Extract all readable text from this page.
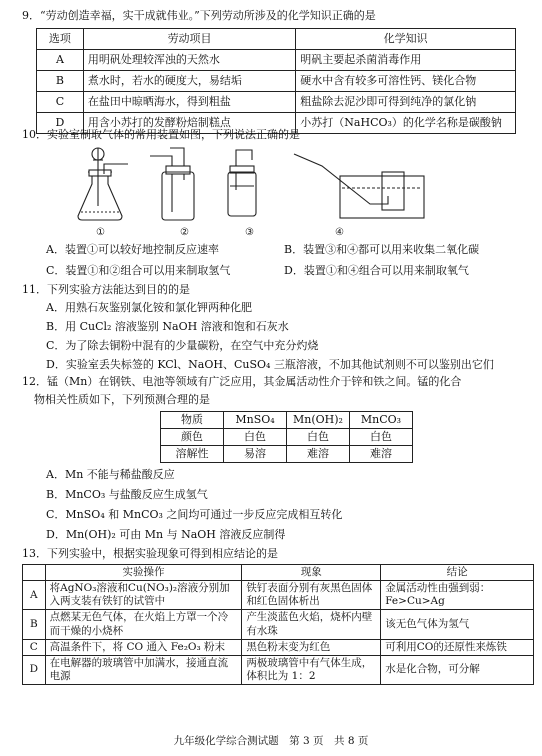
9．“劳动创造幸福，实干成就伟业。”下列劳动所涉及的化学知识正确的是
选项	劳动项目	化学知识
A	用明矾处理较浑浊的天然水	明矾主要起杀菌消毒作用
B	煮水时，若水的硬度大，易结垢	硬水中含有较多可溶性钙、镁化合物
C	在盐田中晾晒海水，得到粗盐	粗盐除去泥沙即可得到纯净的氯化钠
D	用含小苏打的发酵粉焙制糕点	小苏打（NaHCO₃）的化学名称是碳酸钠
10．实验室制取气体的常用装置如图，下列说法正确的是
①	②	③	④
A．装置①可以较好地控制反应速率	B．装置③和④都可以用来收集二氧化碳
C．装置①和②组合可以用来制取氢气	D．装置①和④组合可以用来制取氧气
11．下列实验方法能达到目的的是
A．用熟石灰鉴别氯化铵和氯化钾两种化肥
B．用 CuCl₂ 溶液鉴别 NaOH 溶液和饱和石灰水
C．为了除去铜粉中混有的少量碳粉，在空气中充分灼烧
D．实验室丢失标签的 KCl、NaOH、CuSO₄ 三瓶溶液，不加其他试剂则不可以鉴别出它们
12．锰（Mn）在钢铁、电池等领域有广泛应用，其金属活动性介于锌和铁之间。锰的化合
物相关性质如下，下列预测合理的是
物质	MnSO₄	Mn(OH)₂	MnCO₃
颜色	白色	白色	白色
溶解性	易溶	难溶	难溶
A．Mn 不能与稀盐酸反应
B．MnCO₃ 与盐酸反应生成氢气
C．MnSO₄ 和 MnCO₃ 之间均可通过一步反应完成相互转化
D．Mn(OH)₂ 可由 Mn 与 NaOH 溶液反应制得
13．下列实验中，根据实验现象可得到相应结论的是
	实验操作	现象	结论
A	将AgNO₃溶液和Cu(NO₃)₂溶液分别加入两支装有铁钉的试管中	铁钉表面分别有灰黑色固体和红色固体析出	金属活动性由强到弱：Fe>Cu>Ag
B	点燃某无色气体，在火焰上方罩一个冷而干燥的小烧杯	产生淡蓝色火焰，烧杯内壁有水珠	该无色气体为氢气
C	高温条件下，将 CO 通入 Fe₂O₃ 粉末	黑色粉末变为红色	可利用CO的还原性来炼铁
D	在电解器的玻璃管中加满水，接通直流电源	两极玻璃管中有气体生成，体积比为 1：2	水是化合物，可分解
九年级化学综合测试题　第 3 页　共 8 页
